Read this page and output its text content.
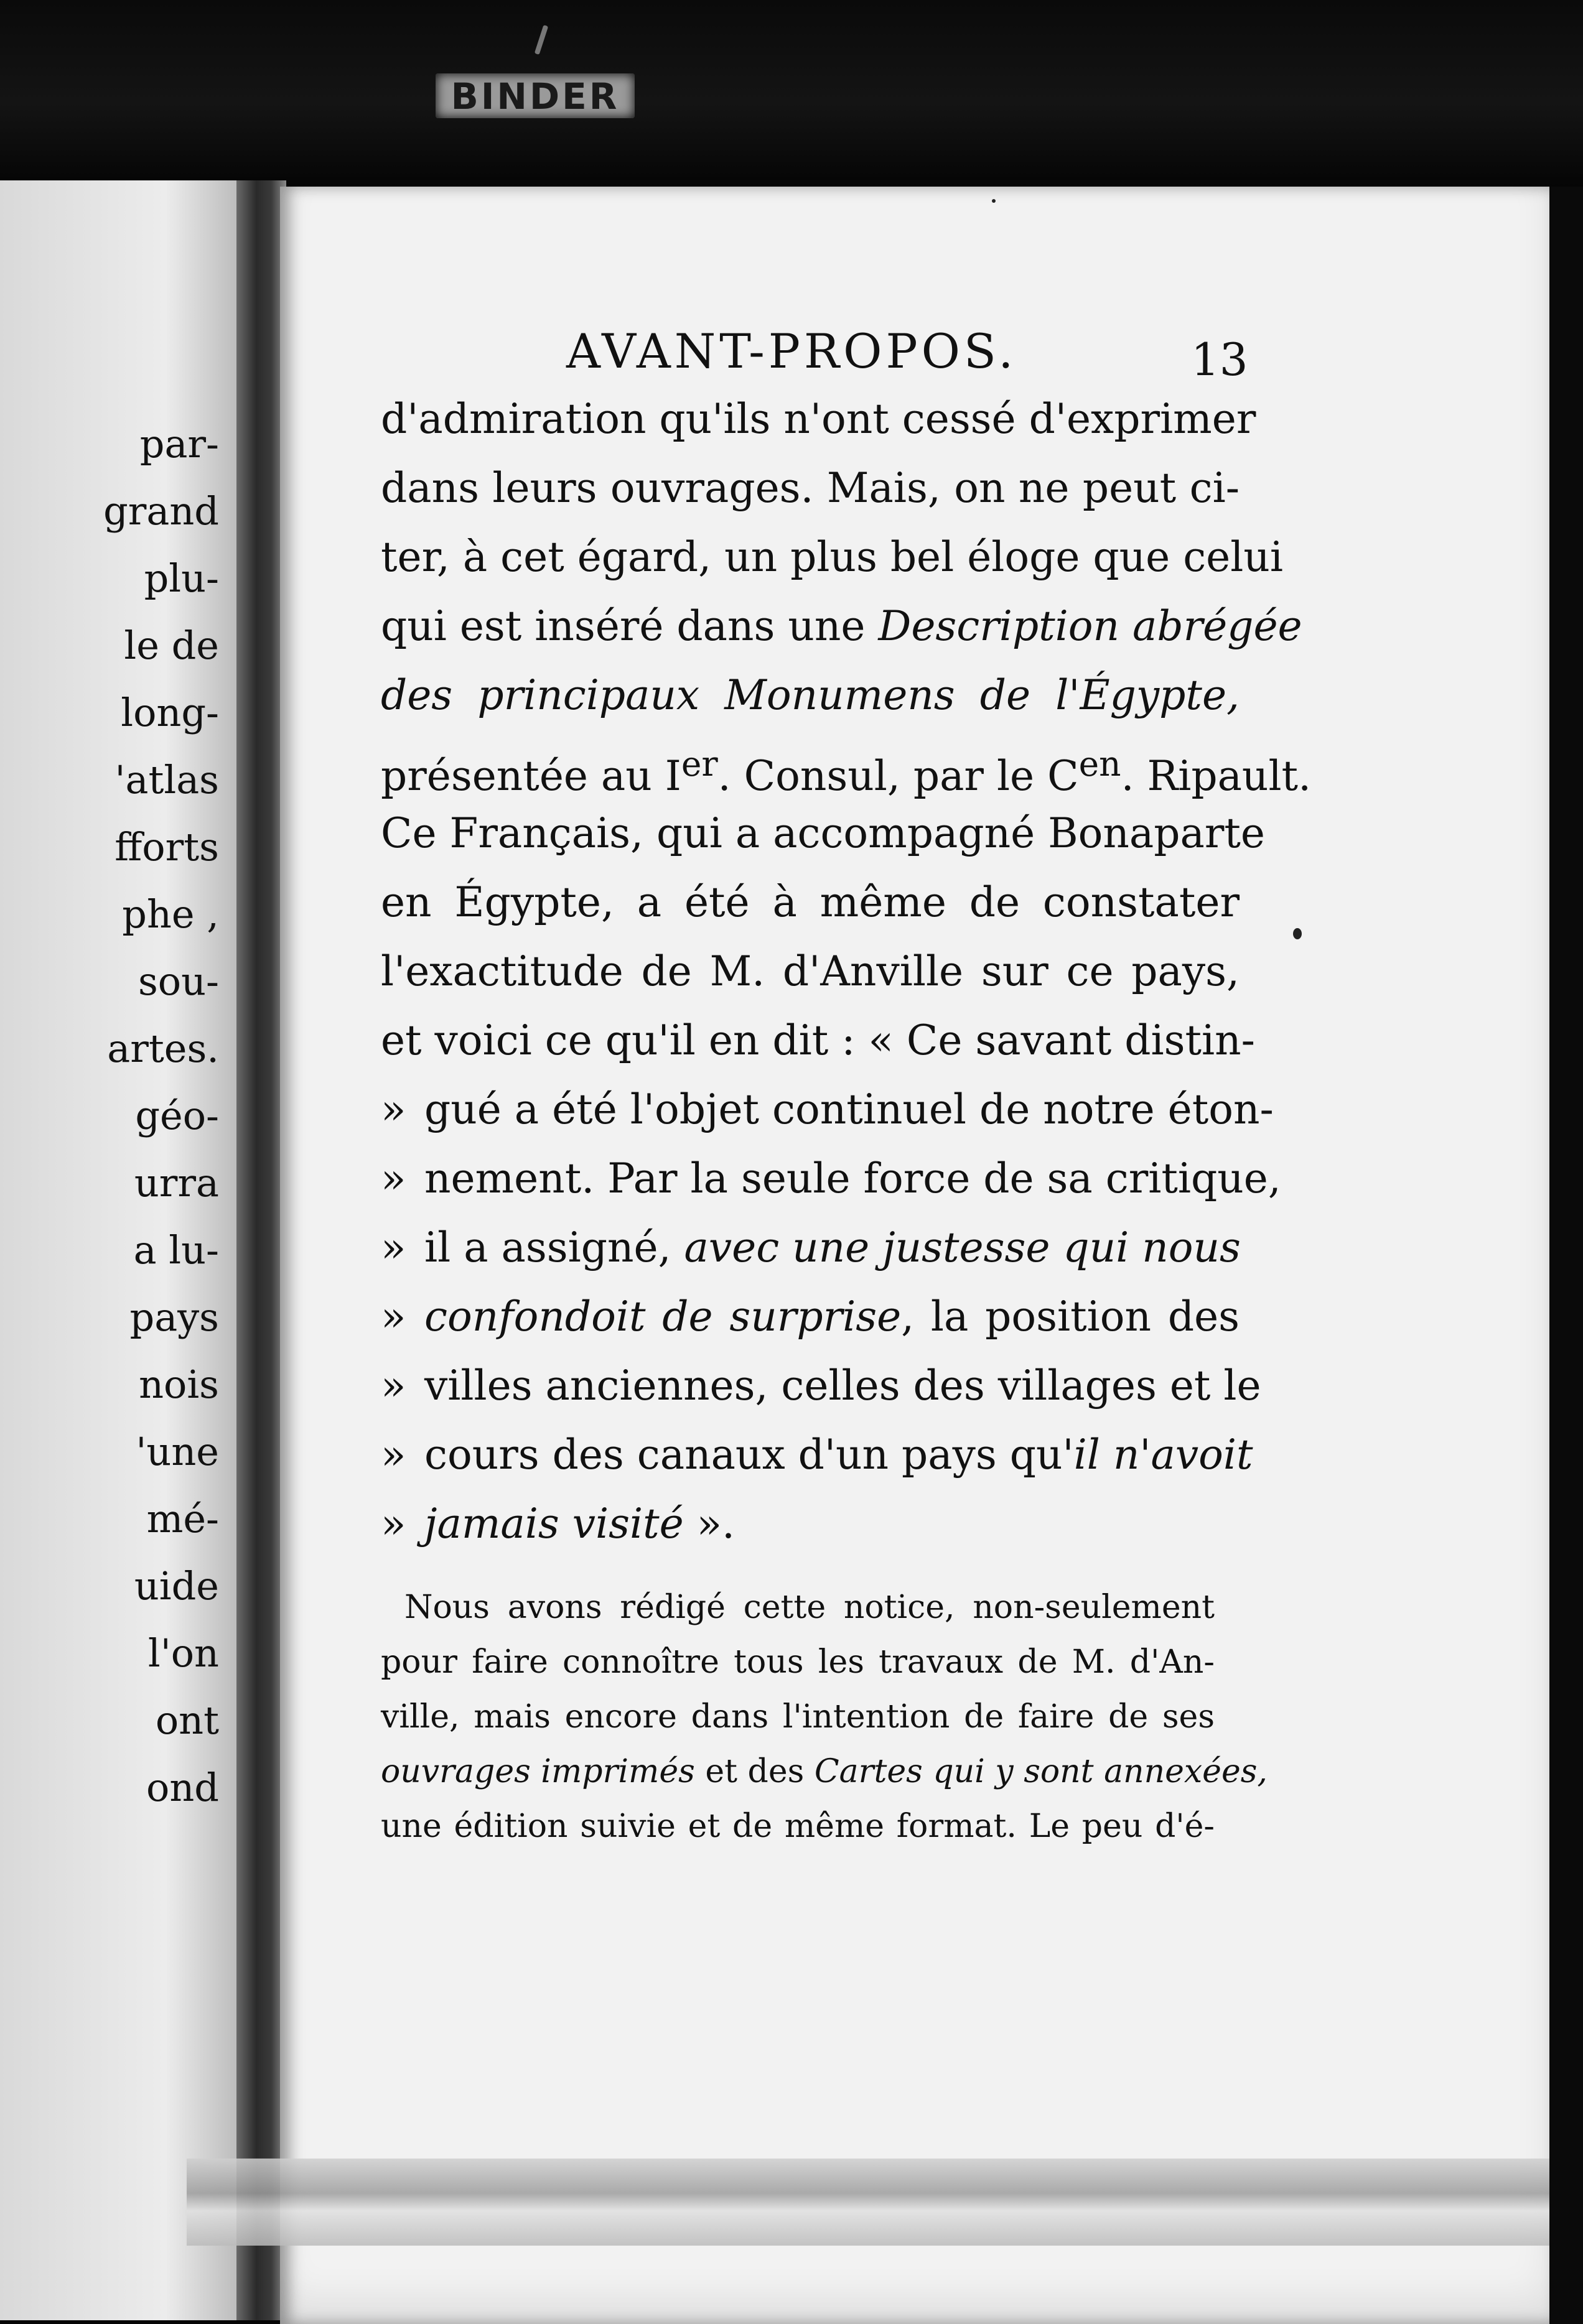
BINDER
par-
grand
plu-
le de
long-
'atlas
fforts
phe ,
sou-
artes.
géo-
urra
a lu-
pays
nois
'une
mé-
uide
l'on
ont
ond
AVANT-PROPOS.	13
d'admiration qu'ils n'ont cessé d'exprimer
dans leurs ouvrages. Mais, on ne peut ci-
ter, à cet égard, un plus bel éloge que celui
qui est inséré dans une Description abrégée
des principaux Monumens de l'Égypte,
présentée au Ier. Consul, par le $C^{en}$. Ripault.
Ce Français, qui a accompagné Bonaparte
en Égypte, a été à même de constater
l'exactitude de M. d'Anville sur ce pays,
et voici ce qu'il en dit : « Ce savant distin-
» gué a été l'objet continuel de notre éton-
» nement. Par la seule force de sa critique,
» il a assigné, avec une justesse qui nous
» confondoit de surprise, la position des
» villes anciennes, celles des villages et le
» cours des canaux d'un pays qu'il n'avoit
» jamais visité ».
Nous avons rédigé cette notice, non-seulement
pour faire connoître tous les travaux de M. d'An-
ville, mais encore dans l'intention de faire de ses
ouvrages imprimés et des Cartes qui y sont annexées,
une édition suivie et de même format. Le peu d'é-
